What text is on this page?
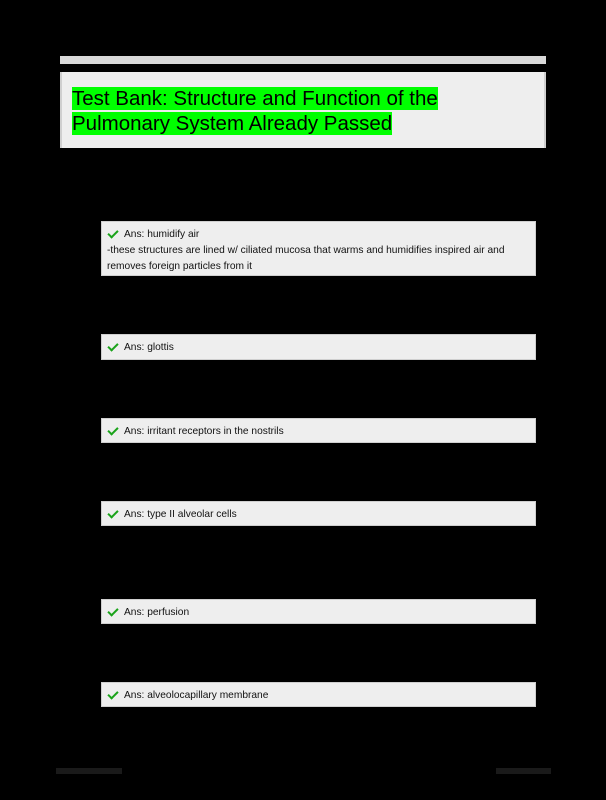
Test Bank: Structure and Function of the
Pulmonary System Already Passed
Ans: humidify air
-these structures are lined w/ ciliated mucosa that warms and humidifies inspired air and removes foreign particles from it
Ans: glottis
Ans: irritant receptors in the nostrils
Ans: type II alveolar cells
Ans: perfusion
Ans: alveolocapillary membrane
